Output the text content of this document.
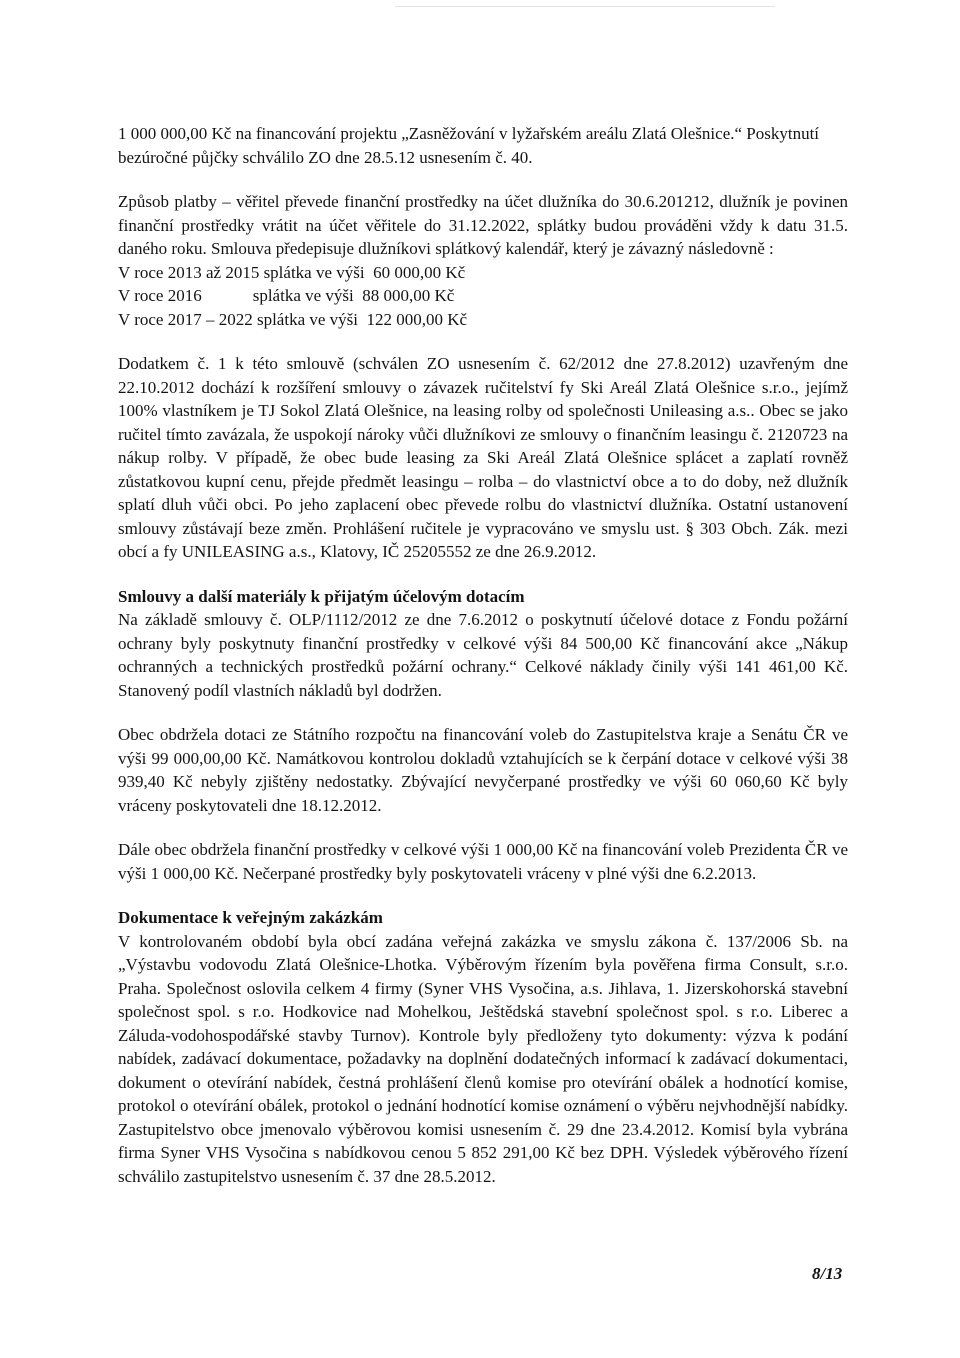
1 000 000,00 Kč na financování projektu „Zasněžování v lyžařském areálu Zlatá Olešnice.“ Poskytnutí bezúročné půjčky schválilo ZO dne 28.5.12 usnesením č. 40.

Způsob platby – věřitel převede finanční prostředky na účet dlužníka do 30.6.201212, dlužník je povinen finanční prostředky vrátit na účet věřitele do 31.12.2022, splátky budou prováděni vždy k datu 31.5. daného roku. Smlouva předepisuje dlužníkovi splátkový kalendář, který je závazný následovně :

V roce 2013 až 2015 splátka ve výši  60 000,00 Kč
V roce 2016            splátka ve výši  88 000,00 Kč
V roce 2017 – 2022 splátka ve výši  122 000,00 Kč

Dodatkem č. 1 k této smlouvě (schválen ZO usnesením č. 62/2012 dne 27.8.2012) uzavřeným dne 22.10.2012 dochází k rozšíření smlouvy o závazek ručitelství fy Ski Areál Zlatá Olešnice s.r.o., jejímž 100% vlastníkem je TJ Sokol Zlatá Olešnice, na leasing rolby od společnosti Unileasing a.s.. Obec se jako ručitel tímto zavázala, že uspokojí nároky vůči dlužníkovi ze smlouvy o finančním leasingu č. 2120723 na nákup rolby. V případě, že obec bude leasing za Ski Areál Zlatá Olešnice splácet a zaplatí rovněž zůstatkovou kupní cenu, přejde předmět leasingu – rolba – do vlastnictví obce a to do doby, než dlužník splatí dluh vůči obci. Po jeho zaplacení obec převede rolbu do vlastnictví dlužníka. Ostatní ustanovení smlouvy zůstávají beze změn. Prohlášení ručitele je vypracováno ve smyslu ust. § 303 Obch. Zák. mezi obcí a fy UNILEASING a.s., Klatovy, IČ 25205552 ze dne 26.9.2012.

Smlouvy a další materiály k přijatým účelovým dotacím

Na základě smlouvy č. OLP/1112/2012 ze dne 7.6.2012 o poskytnutí účelové dotace z Fondu požární ochrany byly poskytnuty finanční prostředky v celkové výši 84 500,00 Kč financování akce „Nákup ochranných a technických prostředků požární ochrany.“ Celkové náklady činily výši 141 461,00 Kč. Stanovený podíl vlastních nákladů byl dodržen.

Obec obdržela dotaci ze Státního rozpočtu na financování voleb do Zastupitelstva kraje a Senátu ČR ve výši 99 000,00,00 Kč. Namátkovou kontrolou dokladů vztahujících se k čerpání dotace v celkové výši 38 939,40 Kč nebyly zjištěny nedostatky. Zbývající nevyčerpané prostředky ve výši 60 060,60 Kč byly vráceny poskytovateli dne 18.12.2012.

Dále obec obdržela finanční prostředky v celkové výši 1 000,00 Kč na financování voleb Prezidenta ČR ve výši 1 000,00 Kč. Nečerpané prostředky byly poskytovateli vráceny v plné výši dne 6.2.2013.

Dokumentace k veřejným zakázkám

V kontrolovaném období byla obcí zadána veřejná zakázka ve smyslu zákona č. 137/2006 Sb. na „Výstavbu vodovodu Zlatá Olešnice-Lhotka. Výběrovým řízením byla pověřena firma Consult, s.r.o. Praha. Společnost oslovila celkem 4 firmy (Syner VHS Vysočina, a.s. Jihlava, 1. Jizerskohorská stavební společnost spol. s r.o. Hodkovice nad Mohelkou, Ještědská stavební společnost spol. s r.o. Liberec a Záluda-vodohospodářské stavby Turnov). Kontrole byly předloženy tyto dokumenty: výzva k podání nabídek, zadávací dokumentace, požadavky na doplnění dodatečných informací k zadávací dokumentaci, dokument o otevírání nabídek, čestná prohlášení členů komise pro otevírání obálek a hodnotící komise, protokol o otevírání obálek, protokol o jednání hodnotící komise oznámení o výběru nejvhodnější nabídky. Zastupitelstvo obce jmenovalo výběrovou komisi usnesením č. 29 dne 23.4.2012. Komisí byla vybrána firma Syner VHS Vysočina s nabídkovou cenou 5 852 291,00 Kč bez DPH. Výsledek výběrového řízení schválilo zastupitelstvo usnesením č. 37 dne 28.5.2012.

8/13
